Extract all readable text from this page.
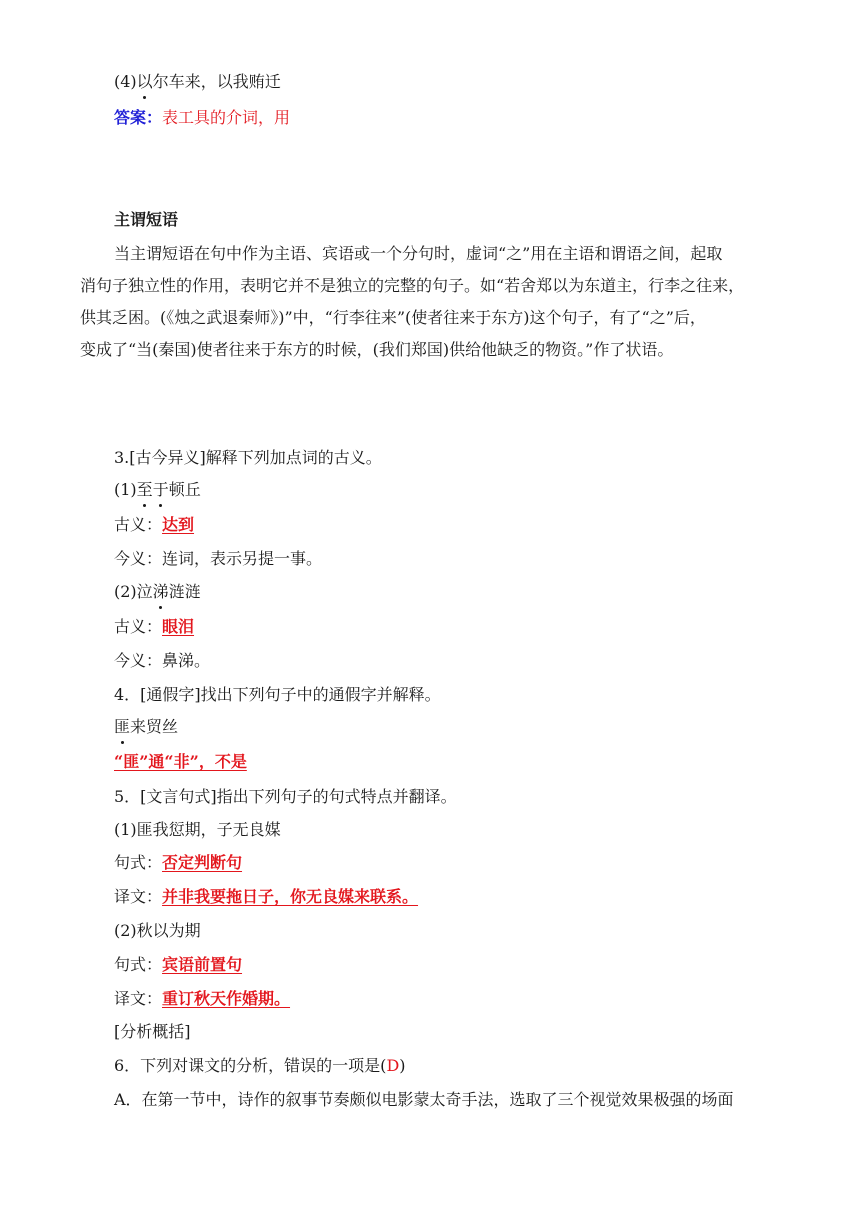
(4)以尔车来，以我贿迁
答案：表工具的介词，用
主谓短语

当主谓短语在句中作为主语、宾语或一个分句时，虚词“之”用在主语和谓语之间，起取

消句子独立性的作用，表明它并不是独立的完整的句子。如“若舍郑以为东道主，行李之往来，

供其乏困。(《烛之武退秦师》)”中，“行李往来”(使者往来于东方)这个句子，有了“之”后，

变成了“当(秦国)使者往来于东方的时候，(我们郑国)供给他缺乏的物资。”作了状语。

3.[古今异义]解释下列加点词的古义。
(1)至于顿丘
古义：达到
今义：连词，表示另提一事。
(2)泣涕涟涟
古义：眼泪
今义：鼻涕。
4．[通假字]找出下列句子中的通假字并解释。
匪来贸丝
“匪”通“非”，不是
5．[文言句式]指出下列句子的句式特点并翻译。
(1)匪我愆期，子无良媒
句式：否定判断句
译文：并非我要拖日子，你无良媒来联系。
(2)秋以为期
句式：宾语前置句
译文：重订秋天作婚期。
[分析概括]
6．下列对课文的分析，错误的一项是(D)
A．在第一节中，诗作的叙事节奏颇似电影蒙太奇手法，选取了三个视觉效果极强的场面
